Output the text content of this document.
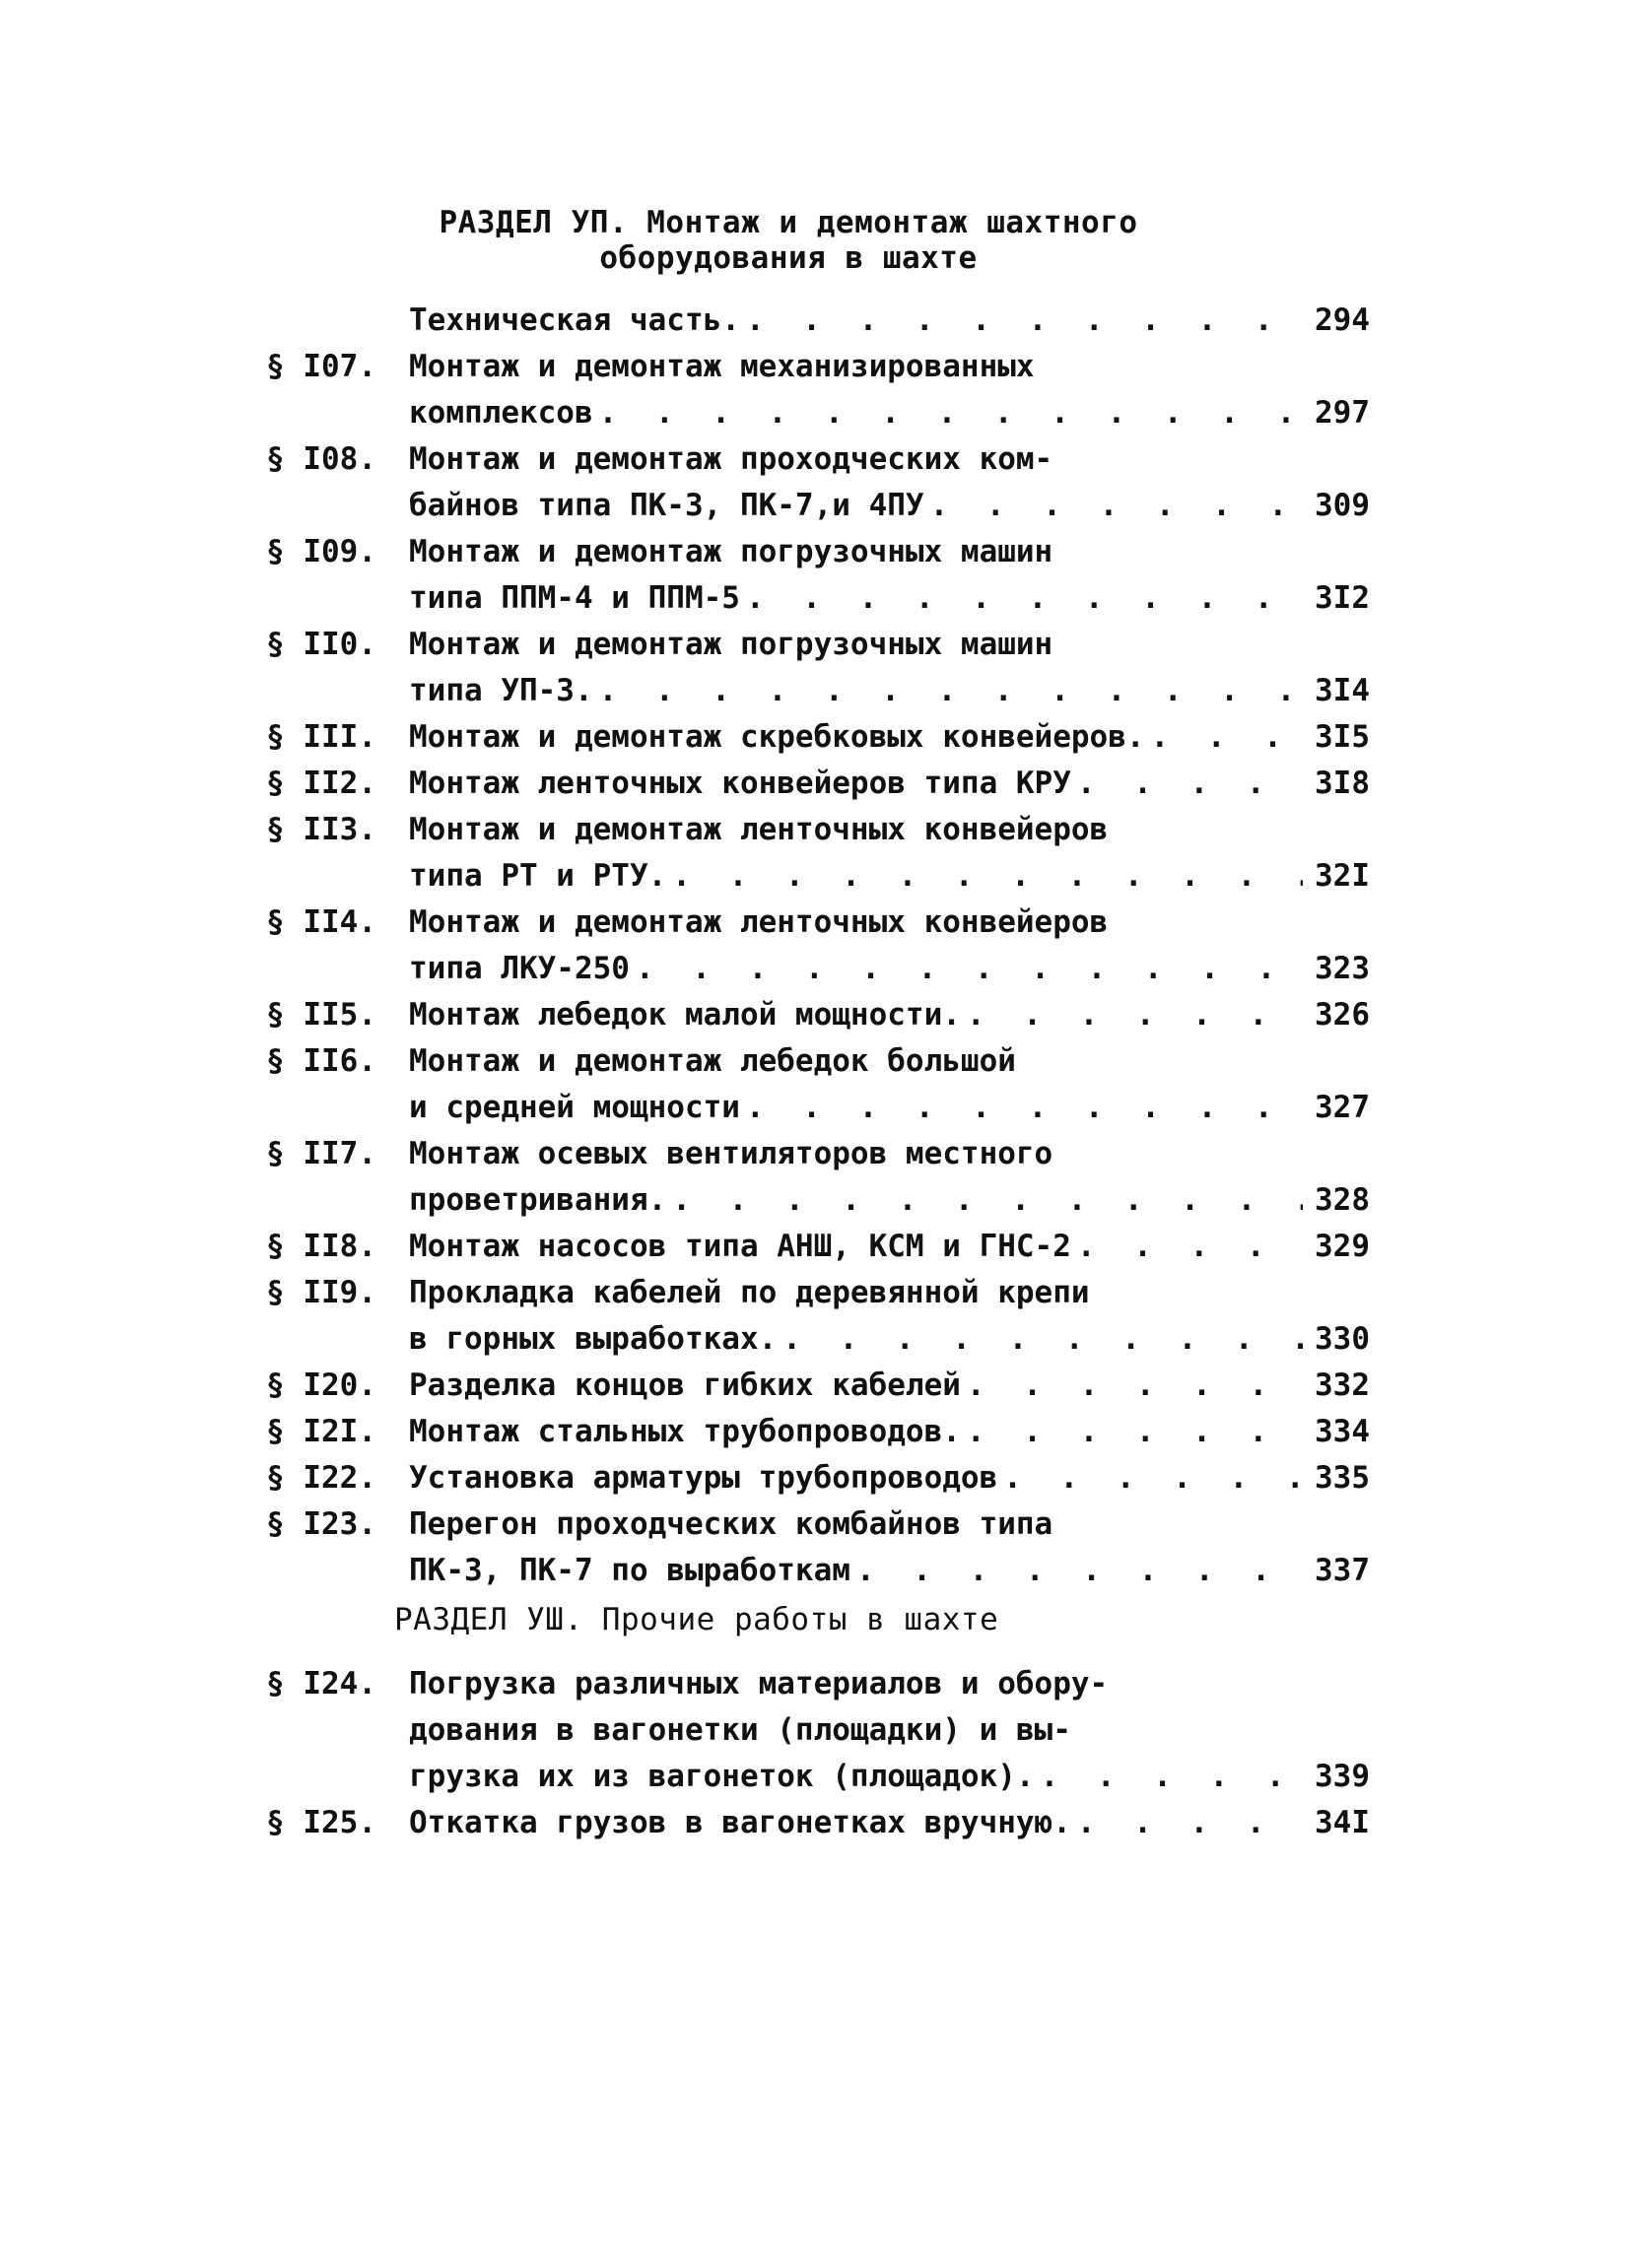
РАЗДЕЛ УП. Монтаж и демонтаж шахтного
оборудования в шахте
Техническая часть. . . .	294
§ I07.	Монтаж и демонтаж механизированных
комплексов . . .	297
§ I08.	Монтаж и демонтаж проходческих ком-
байнов типа ПК-3, ПК-7,и 4ПУ . . .	309
§ I09.	Монтаж и демонтаж погрузочных машин
типа ППМ-4 и ППМ-5 . . .	3I2
§ II0.	Монтаж и демонтаж погрузочных машин
типа УП-3. . . .	3I4
§ III.	Монтаж и демонтаж скребковых конвейеров. . . .	3I5
§ II2.	Монтаж ленточных конвейеров типа КРУ . . .	3I8
§ II3.	Монтаж и демонтаж ленточных конвейеров
типа РТ и РТУ. . . .	32I
§ II4.	Монтаж и демонтаж ленточных конвейеров
типа ЛКУ-250 . . .	323
§ II5.	Монтаж лебедок малой мощности. . . .	326
§ II6.	Монтаж и демонтаж лебедок большой
и средней мощности . . .	327
§ II7.	Монтаж осевых вентиляторов местного
проветривания. . . .	328
§ II8.	Монтаж насосов типа АНШ, КСМ и ГНС-2 . . .	329
§ II9.	Прокладка кабелей по деревянной крепи
в горных выработках. . . .	330
§ I20.	Разделка концов гибких кабелей . . .	332
§ I2I.	Монтаж стальных трубопроводов. . . .	334
§ I22.	Установка арматуры трубопроводов . . .	335
§ I23.	Перегон проходческих комбайнов типа
ПК-3, ПК-7 по выработкам . . .	337
РАЗДЕЛ УШ. Прочие работы в шахте
§ I24.	Погрузка различных материалов и обору-
дования в вагонетки (площадки) и вы-
грузка их из вагонеток (площадок). . . .	339
§ I25.	Откатка грузов в вагонетках вручную. . . .	34I
